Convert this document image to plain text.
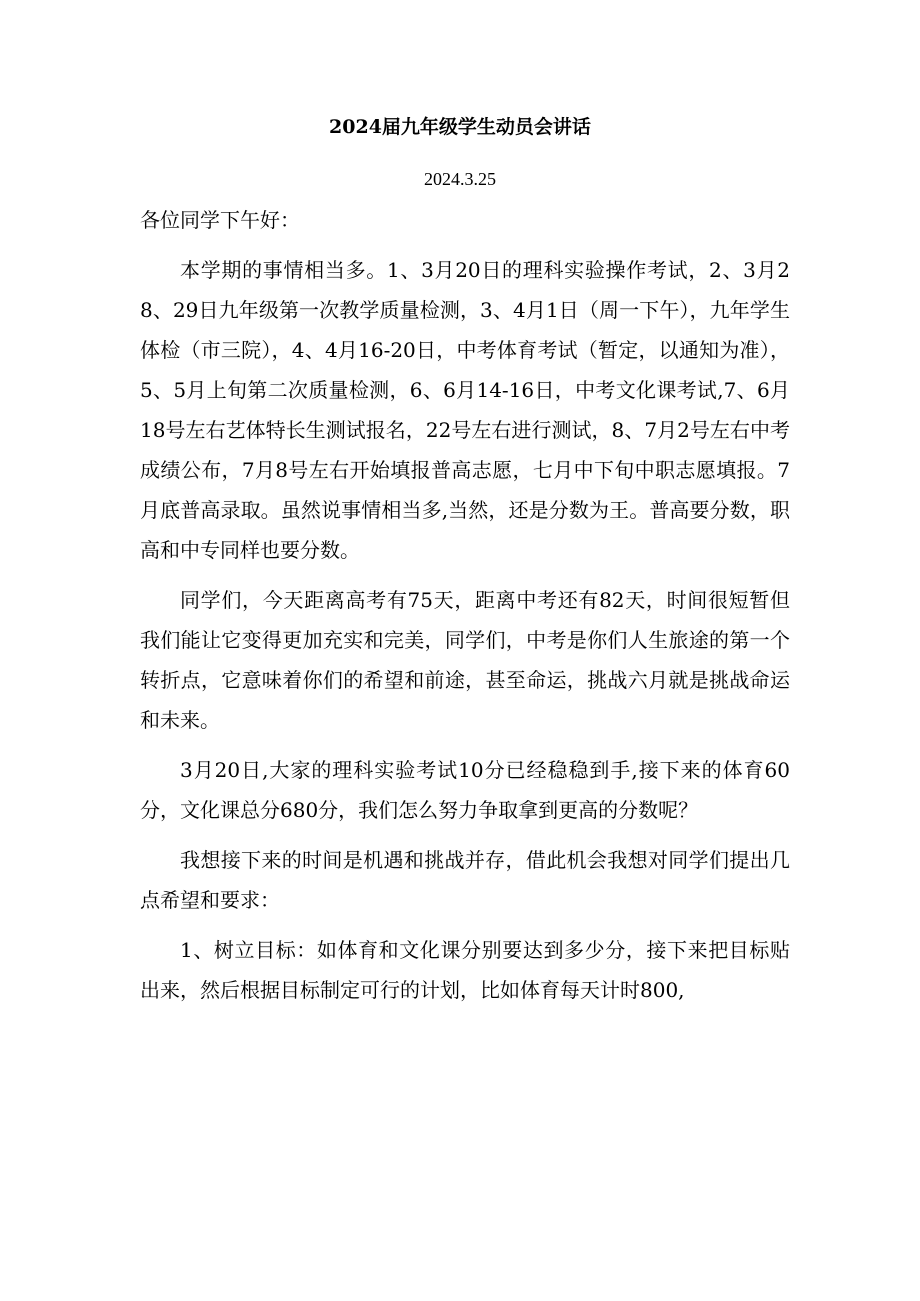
2024届九年级学生动员会讲话
2024.3.25

各位同学下午好：

本学期的事情相当多。1、3月20日的理科实验操作考试，2、3月28、29日九年级第一次教学质量检测，3、4月1日（周一下午），九年学生体检（市三院），4、4月16-20日，中考体育考试（暂定，以通知为准），5、5月上旬第二次质量检测，6、6月14-16日，中考文化课考试,7、6月18号左右艺体特长生测试报名，22号左右进行测试，8、7月2号左右中考成绩公布，7月8号左右开始填报普高志愿，七月中下旬中职志愿填报。7月底普高录取。虽然说事情相当多,当然，还是分数为王。普高要分数，职高和中专同样也要分数。

同学们，今天距离高考有75天，距离中考还有82天，时间很短暂但我们能让它变得更加充实和完美，同学们，中考是你们人生旅途的第一个转折点，它意味着你们的希望和前途，甚至命运，挑战六月就是挑战命运和未来。

3月20日,大家的理科实验考试10分已经稳稳到手,接下来的体育60分，文化课总分680分，我们怎么努力争取拿到更高的分数呢？

我想接下来的时间是机遇和挑战并存，借此机会我想对同学们提出几点希望和要求：

1、树立目标：如体育和文化课分别要达到多少分，接下来把目标贴出来，然后根据目标制定可行的计划，比如体育每天计时800,
